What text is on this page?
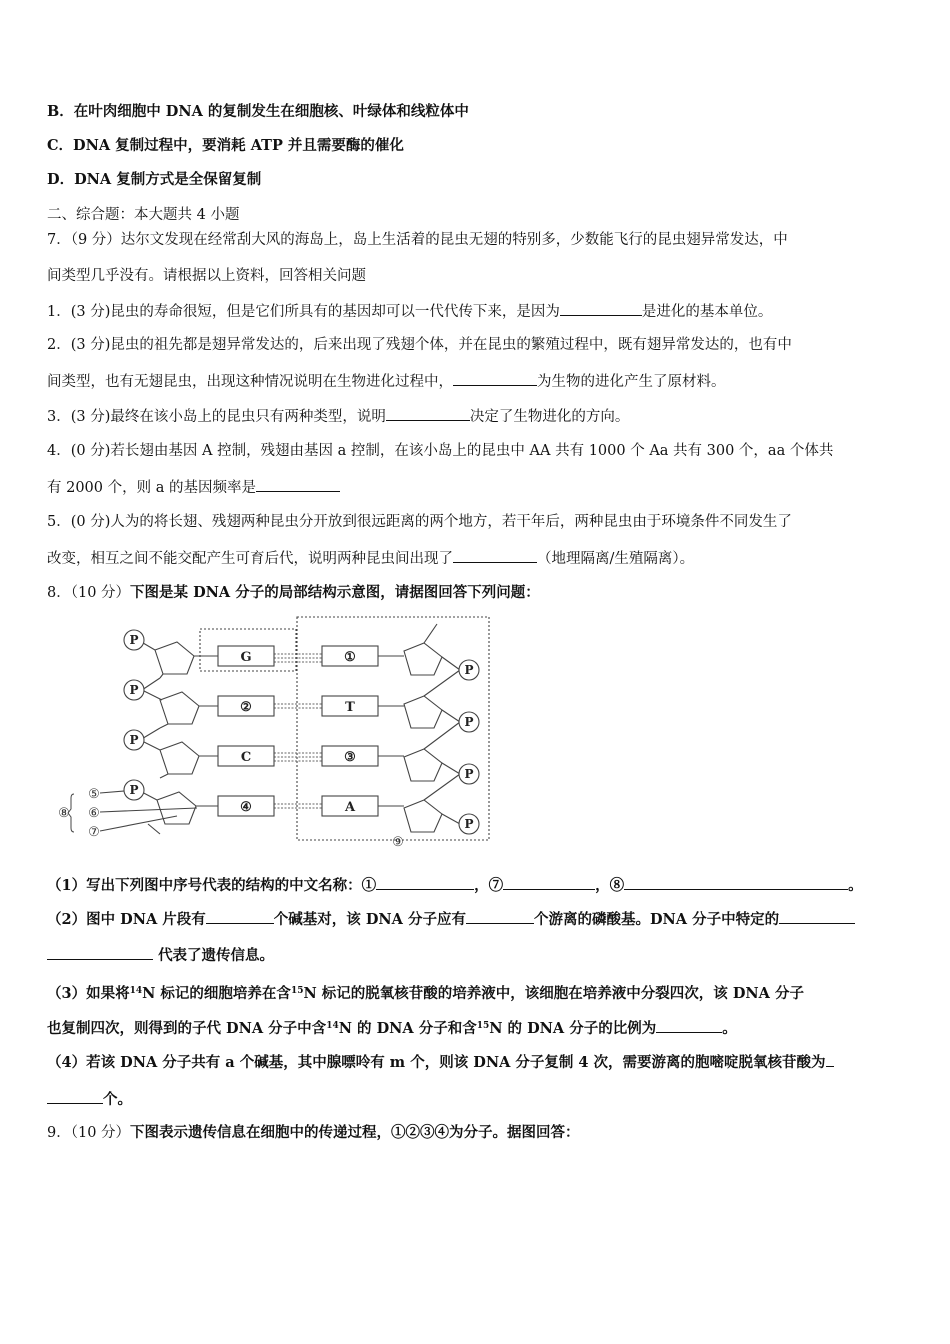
B．在叶肉细胞中 DNA 的复制发生在细胞核、叶绿体和线粒体中
C．DNA 复制过程中，要消耗 ATP 并且需要酶的催化
D．DNA 复制方式是全保留复制
二、综合题：本大题共 4 小题
7．（9 分）达尔文发现在经常刮大风的海岛上，岛上生活着的昆虫无翅的特别多，少数能飞行的昆虫翅异常发达，中
间类型几乎没有。请根据以上资料，回答相关问题
1．(3 分)昆虫的寿命很短，但是它们所具有的基因却可以一代代传下来，是因为	是进化的基本单位。
2．(3 分)昆虫的祖先都是翅异常发达的，后来出现了残翅个体，并在昆虫的繁殖过程中，既有翅异常发达的，也有中
间类型，也有无翅昆虫，出现这种情况说明在生物进化过程中，	为生物的进化产生了原材料。
3．(3 分)最终在该小岛上的昆虫只有两种类型，说明	决定了生物进化的方向。
4．(0 分)若长翅由基因 A 控制，残翅由基因 a 控制，在该小岛上的昆虫中 AA 共有 1000 个 Aa 共有 300 个，aa 个体共
有 2000 个，则 a 的基因频率是
5．(0 分)人为的将长翅、残翅两种昆虫分开放到很远距离的两个地方，若干年后，两种昆虫由于环境条件不同发生了
改变，相互之间不能交配产生可育后代，说明两种昆虫间出现了	（地理隔离/生殖隔离）。
8．（10 分）下图是某 DNA 分子的局部结构示意图，请据图回答下列问题：
G
②
C
④
①
T
③
A
P
P
P
P
P
P
P
P
⑤
⑥
⑦
⑧
⑨
（1）写出下列图中序号代表的结构的中文名称：①	，⑦	，⑧	。
（2）图中 DNA 片段有	个碱基对，该 DNA 分子应有	个游离的磷酸基。DNA 分子中特定的
代表了遗传信息。
（3）如果将$^{14}$N 标记的细胞培养在含$^{15}$N 标记的脱氧核苷酸的培养液中，该细胞在培养液中分裂四次，该 DNA 分子
也复制四次，则得到的子代 DNA 分子中含$^{14}$N 的 DNA 分子和含$^{15}$N 的 DNA 分子的比例为	。
（4）若该 DNA 分子共有 a 个碱基，其中腺嘌呤有 m 个，则该 DNA 分子复制 4 次，需要游离的胞嘧啶脱氧核苷酸为
个。
9．（10 分）下图表示遗传信息在细胞中的传递过程，①②③④为分子。据图回答：
